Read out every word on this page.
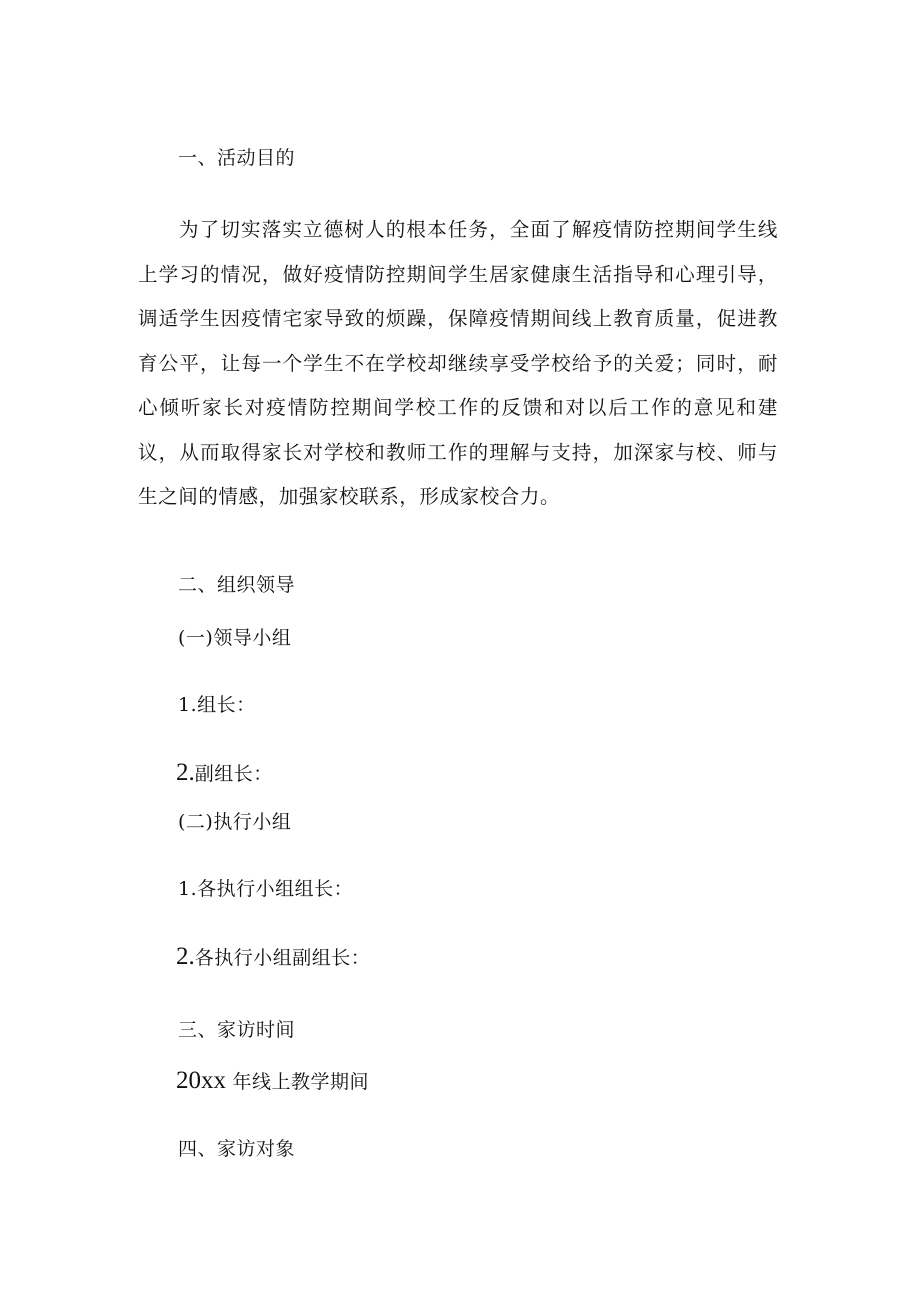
一、活动目的
为了切实落实立德树人的根本任务，全面了解疫情防控期间学生线上学习的情况，做好疫情防控期间学生居家健康生活指导和心理引导，调适学生因疫情宅家导致的烦躁，保障疫情期间线上教育质量，促进教育公平，让每一个学生不在学校却继续享受学校给予的关爱；同时，耐心倾听家长对疫情防控期间学校工作的反馈和对以后工作的意见和建议，从而取得家长对学校和教师工作的理解与支持，加深家与校、师与生之间的情感，加强家校联系，形成家校合力。
二、组织领导
(一)领导小组
1.组长：
2.副组长：
(二)执行小组
1.各执行小组组长：
2.各执行小组副组长：
三、家访时间
20xx 年线上教学期间
四、家访对象
